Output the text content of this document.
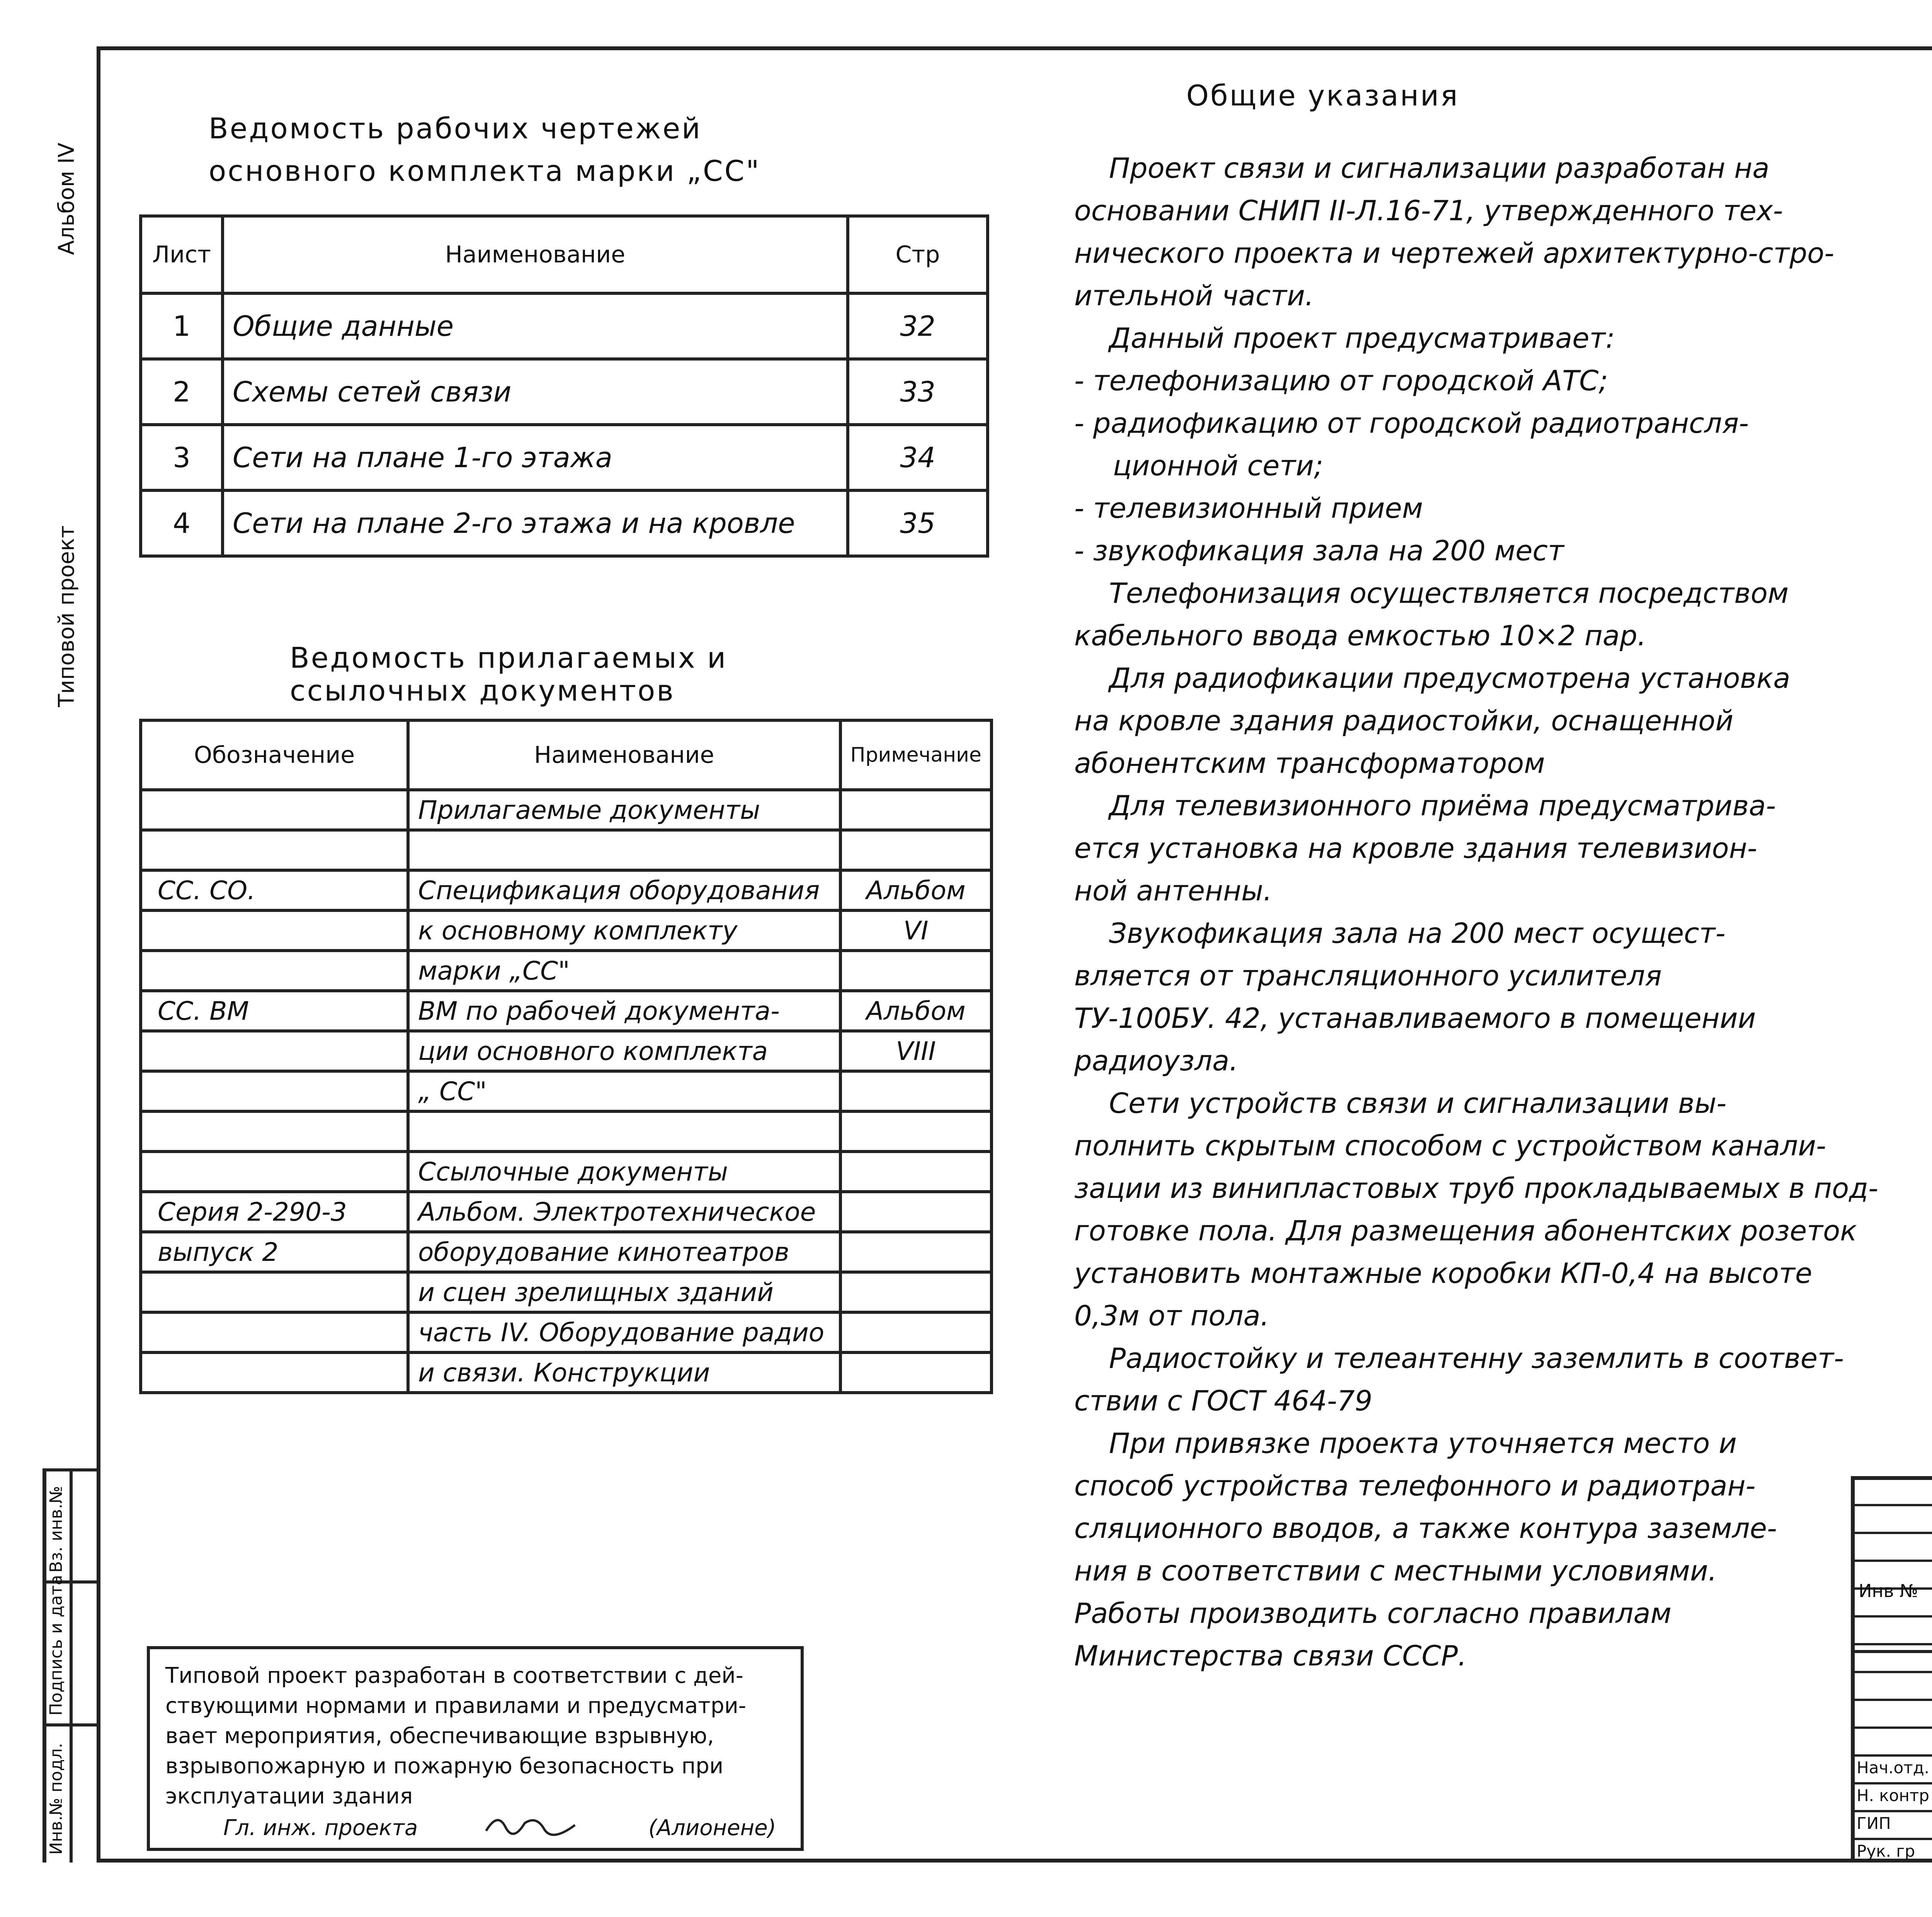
Альбом IV
Типовой проект
Инв.№ подл.
Подпись и дата
Вз. инв.№
Ведомость рабочих чертежей
основного комплекта марки „СС"
Лист	Наименование	Стр
1	Общие данные	32
2	Схемы сетей связи	33
3	Сети на плане 1-го этажа	34
4	Сети на плане 2-го этажа и на кровле	35
Ведомость прилагаемых и
ссылочных документов
Обозначение	Наименование	Примечание
	Прилагаемые документы	

СС. СО.	Спецификация оборудования	Альбом
	к основному комплекту	VI
	марки „СС"	
СС. ВМ	ВМ по рабочей документа-	Альбом
	ции основного комплекта	VIII
	„ СС"	

	Ссылочные документы	
Серия 2-290-3	Альбом. Электротехническое	
выпуск 2	оборудование кинотеатров	
	и сцен зрелищных зданий	
	часть IV. Оборудование радио	
	и связи. Конструкции	
Типовой проект разработан в соответствии с дей-
ствующими нормами и правилами и предусматри-
вает мероприятия, обеспечивающие взрывную,
взрывопожарную и пожарную безопасность при
эксплуатации здания
Гл. инж. проекта	(Алионене)
Общие указания
Проект связи и сигнализации разработан на
основании СНИП II-Л.16-71, утвержденного тех-
нического проекта и чертежей архитектурно-стро-
ительной части.
Данный проект предусматривает:
- телефонизацию от городской АТС;
- радиофикацию от городской радиотрансля-
ционной сети;
- телевизионный прием
- звукофикация зала на 200 мест
Телефонизация осуществляется посредством
кабельного ввода емкостью 10×2 пар.
Для радиофикации предусмотрена установка
на кровле здания радиостойки, оснащенной
абонентским трансформатором
Для телевизионного приёма предусматрива-
ется установка на кровле здания телевизион-
ной антенны.
Звукофикация зала на 200 мест осущест-
вляется от трансляционного усилителя
ТУ-100БУ. 42, устанавливаемого в помещении
радиоузла.
Сети устройств связи и сигнализации вы-
полнить скрытым способом с устройством канали-
зации из винипластовых труб прокладываемых в под-
готовке пола. Для размещения абонентских розеток
установить монтажные коробки КП-0,4 на высоте
0,3м от пола.
Радиостойку и телеантенну заземлить в соответ-
ствии с ГОСТ 464-79
При привязке проекта уточняется место и
способ устройства телефонного и радиотран-
сляционного вводов, а также контура заземле-
ния в соответствии с местными условиями.
Работы производить согласно правилам
Министерства связи СССР.

Нач.отд.
Н. контр
ГИП
Рук. гр
Инв №
